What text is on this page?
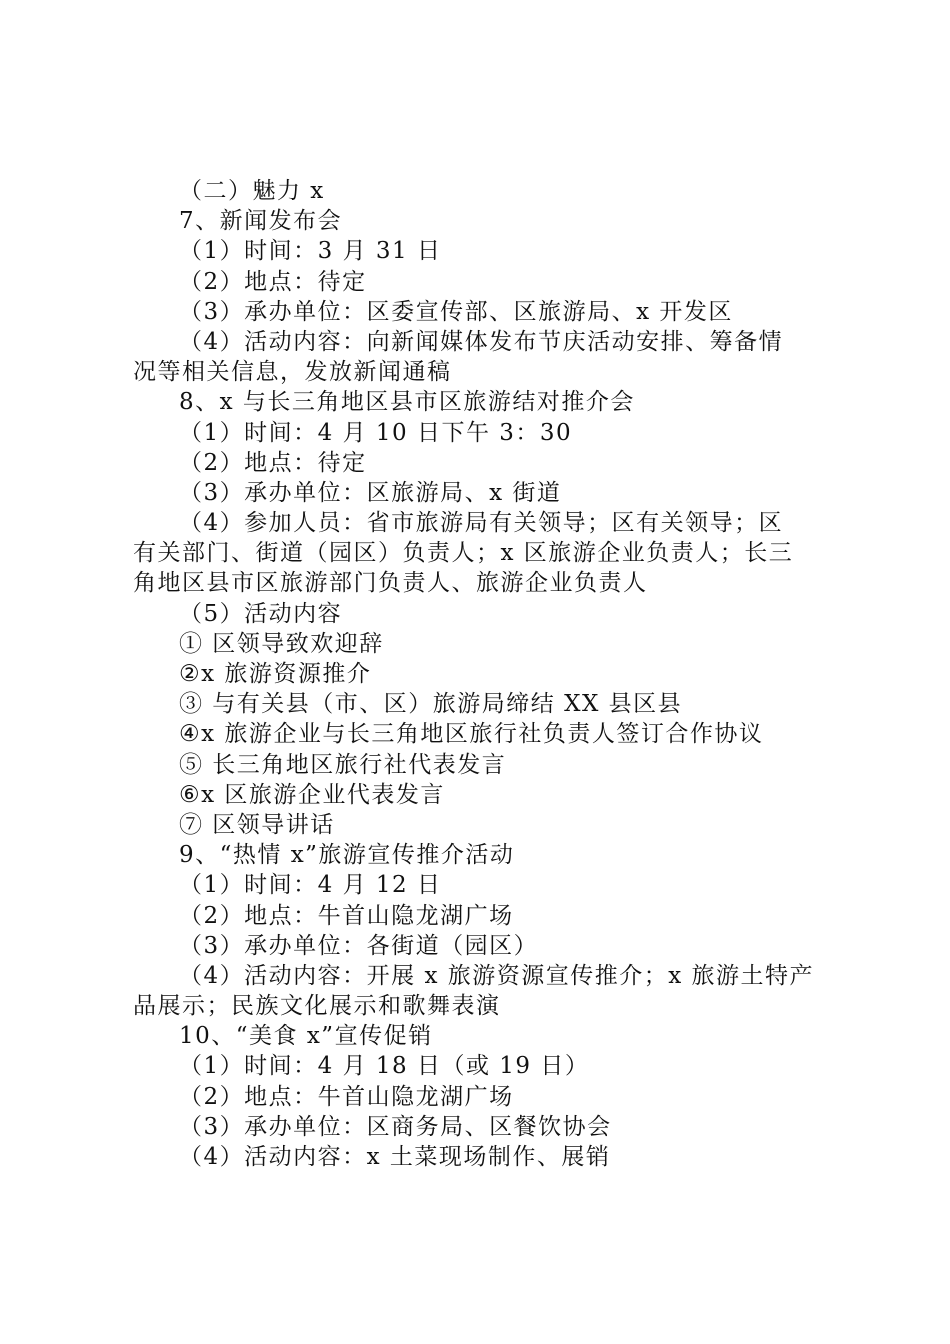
（二）魅力 x
7、新闻发布会
（1）时间：3 月 31 日
（2）地点：待定
（3）承办单位：区委宣传部、区旅游局、x 开发区
（4）活动内容：向新闻媒体发布节庆活动安排、筹备情
况等相关信息，发放新闻通稿
8、x 与长三角地区县市区旅游结对推介会
（1）时间：4 月 10 日下午 3：30
（2）地点：待定
（3）承办单位：区旅游局、x 街道
（4）参加人员：省市旅游局有关领导；区有关领导；区
有关部门、街道（园区）负责人；x 区旅游企业负责人；长三
角地区县市区旅游部门负责人、旅游企业负责人
（5）活动内容
① 区领导致欢迎辞
②x 旅游资源推介
③ 与有关县（市、区）旅游局缔结 XX 县区县
④x 旅游企业与长三角地区旅行社负责人签订合作协议
⑤ 长三角地区旅行社代表发言
⑥x 区旅游企业代表发言
⑦ 区领导讲话
9、“热情 x”旅游宣传推介活动
（1）时间：4 月 12 日
（2）地点：牛首山隐龙湖广场
（3）承办单位：各街道（园区）
（4）活动内容：开展 x 旅游资源宣传推介；x 旅游土特产
品展示；民族文化展示和歌舞表演
10、“美食 x”宣传促销
（1）时间：4 月 18 日（或 19 日）
（2）地点：牛首山隐龙湖广场
（3）承办单位：区商务局、区餐饮协会
（4）活动内容：x 土菜现场制作、展销
